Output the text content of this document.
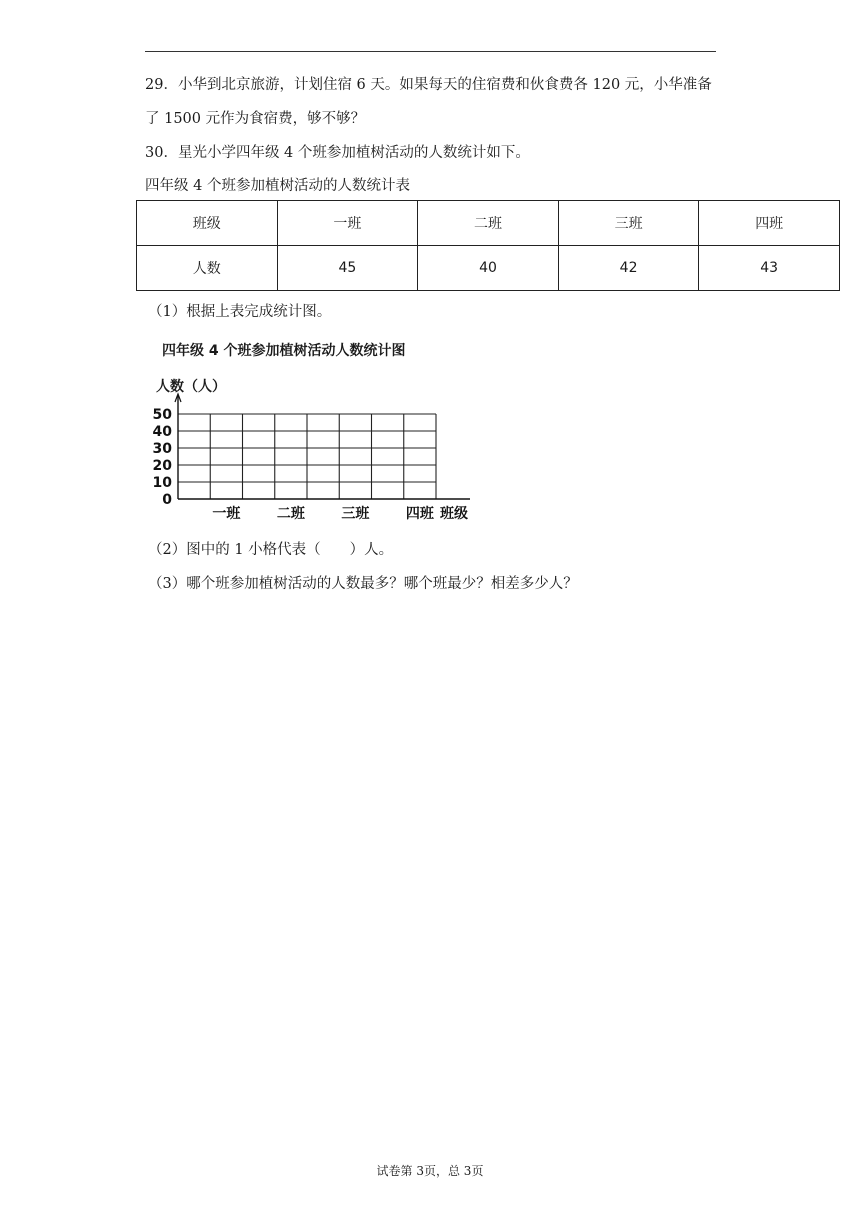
29．小华到北京旅游，计划住宿 6 天。如果每天的住宿费和伙食费各 120 元，小华准备
了 1500 元作为食宿费，够不够？
30．星光小学四年级 4 个班参加植树活动的人数统计如下。
四年级 4 个班参加植树活动的人数统计表
班级	一班	二班	三班	四班
人数	45	40	42	43
（1）根据上表完成统计图。
四年级 4 个班参加植树活动人数统计图
人数（人）
0
10
20
30
40
50
一班	二班	三班	四班 班级
（2）图中的 1 小格代表（　　）人。
（3）哪个班参加植树活动的人数最多？哪个班最少？相差多少人？
试卷第 3页，总 3页
